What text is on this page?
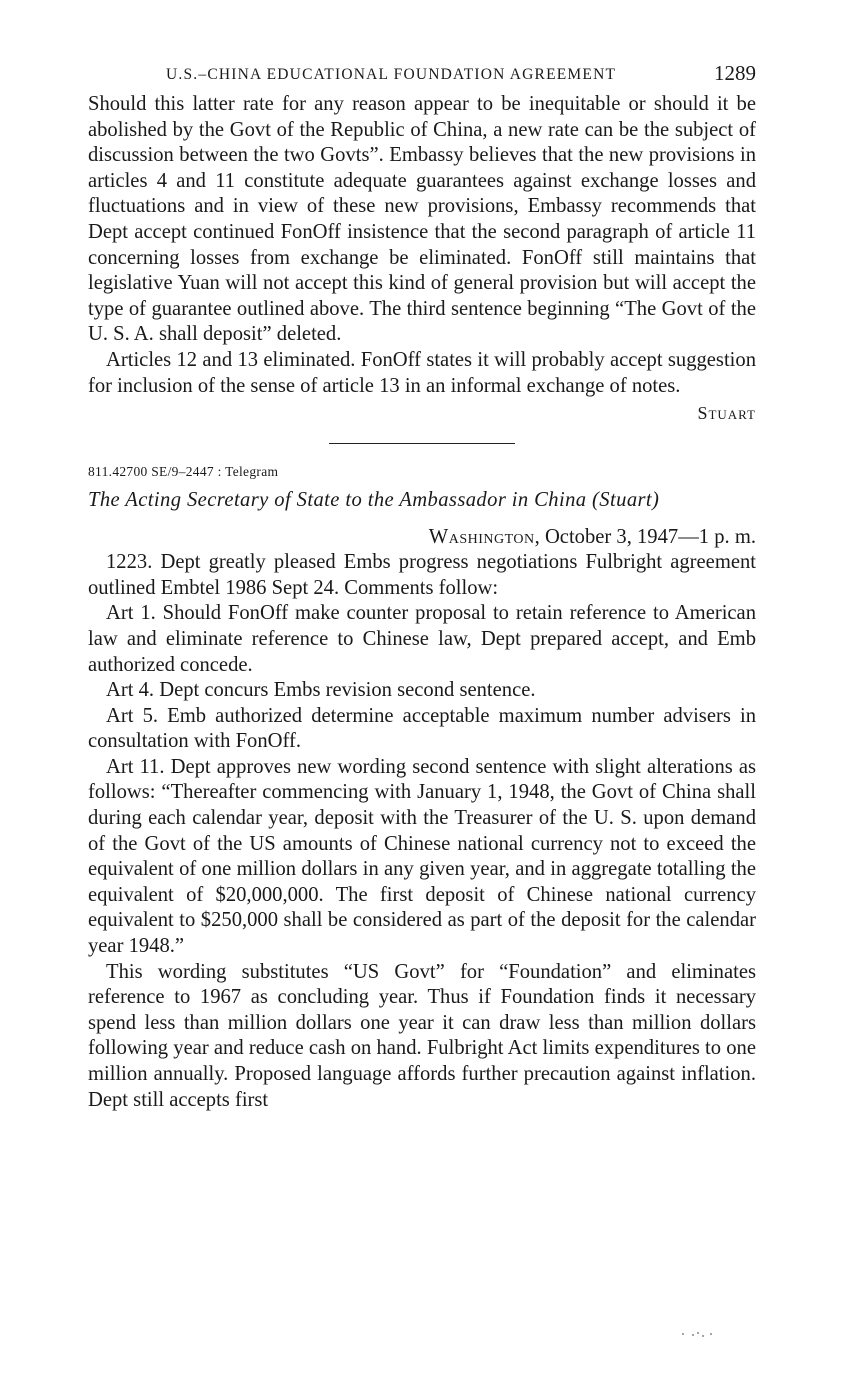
U.S.–CHINA EDUCATIONAL FOUNDATION AGREEMENT	1289

Should this latter rate for any reason appear to be inequitable or should it be abolished by the Govt of the Republic of China, a new rate can be the subject of discussion between the two Govts”. Embassy believes that the new provisions in articles 4 and 11 constitute adequate guarantees against exchange losses and fluctuations and in view of these new provisions, Embassy recommends that Dept accept continued FonOff insistence that the second paragraph of article 11 concerning losses from exchange be eliminated. FonOff still maintains that legislative Yuan will not accept this kind of general provision but will accept the type of guarantee outlined above. The third sentence beginning “The Govt of the U. S. A. shall deposit” deleted.

Articles 12 and 13 eliminated. FonOff states it will probably accept suggestion for inclusion of the sense of article 13 in an informal exchange of notes.

Stuart
811.42700 SE/9–2447 : Telegram
The Acting Secretary of State to the Ambassador in China (Stuart)
Washington, October 3, 1947—1 p. m.

1223. Dept greatly pleased Embs progress negotiations Fulbright agreement outlined Embtel 1986 Sept 24. Comments follow:

Art 1. Should FonOff make counter proposal to retain reference to American law and eliminate reference to Chinese law, Dept prepared accept, and Emb authorized concede.

Art 4. Dept concurs Embs revision second sentence.

Art 5. Emb authorized determine acceptable maximum number advisers in consultation with FonOff.

Art 11. Dept approves new wording second sentence with slight alterations as follows: “Thereafter commencing with January 1, 1948, the Govt of China shall during each calendar year, deposit with the Treasurer of the U. S. upon demand of the Govt of the US amounts of Chinese national currency not to exceed the equivalent of one million dollars in any given year, and in aggregate totalling the equivalent of $20,000,000. The first deposit of Chinese national currency equivalent to $250,000 shall be considered as part of the deposit for the calendar year 1948.”

This wording substitutes “US Govt” for “Foundation” and eliminates reference to 1967 as concluding year. Thus if Foundation finds it necessary spend less than million dollars one year it can draw less than million dollars following year and reduce cash on hand. Fulbright Act limits expenditures to one million annually. Proposed language affords further precaution against inflation. Dept still accepts first
